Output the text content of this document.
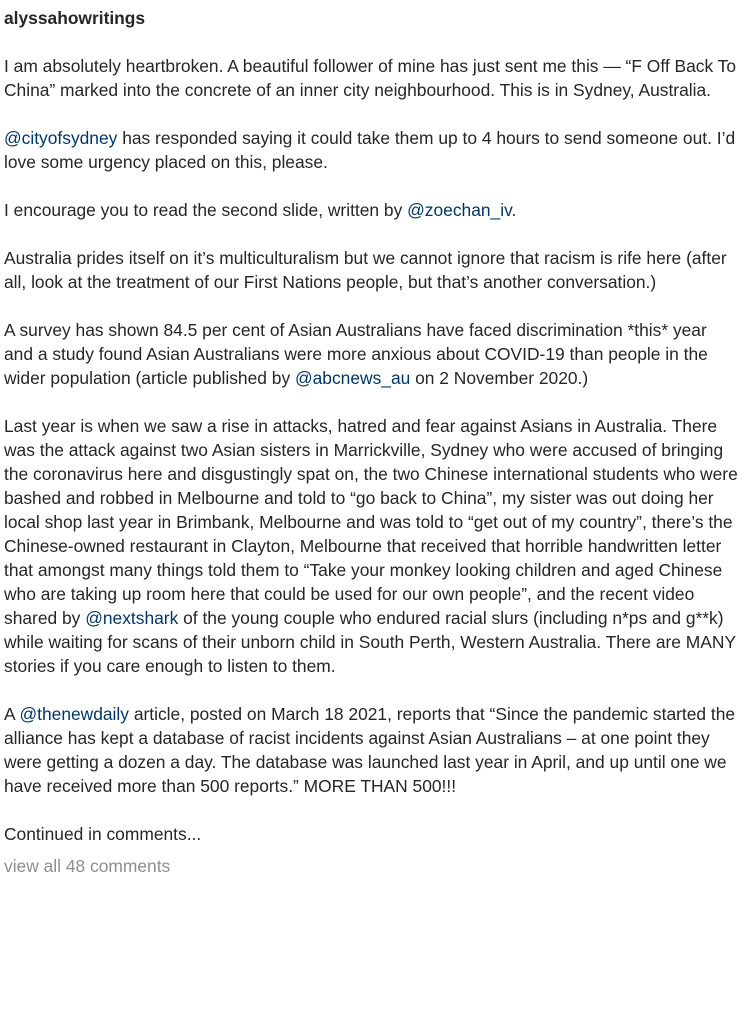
alyssahowritings
I am absolutely heartbroken. A beautiful follower of mine has just sent me this — “F Off Back To China” marked into the concrete of an inner city neighbourhood. This is in Sydney, Australia.
@cityofsydney has responded saying it could take them up to 4 hours to send someone out. I’d love some urgency placed on this, please.
I encourage you to read the second slide, written by @zoechan_iv.
Australia prides itself on it’s multiculturalism but we cannot ignore that racism is rife here (after all, look at the treatment of our First Nations people, but that’s another conversation.)
A survey has shown 84.5 per cent of Asian Australians have faced discrimination *this* year and a study found Asian Australians were more anxious about COVID-19 than people in the wider population (article published by @abcnews_au on 2 November 2020.)
Last year is when we saw a rise in attacks, hatred and fear against Asians in Australia. There was the attack against two Asian sisters in Marrickville, Sydney who were accused of bringing the coronavirus here and disgustingly spat on, the two Chinese international students who were bashed and robbed in Melbourne and told to “go back to China”, my sister was out doing her local shop last year in Brimbank, Melbourne and was told to “get out of my country”, there’s the Chinese-owned restaurant in Clayton, Melbourne that received that horrible handwritten letter that amongst many things told them to “Take your monkey looking children and aged Chinese who are taking up room here that could be used for our own people”, and the recent video shared by @nextshark of the young couple who endured racial slurs (including n*ps and g**k) while waiting for scans of their unborn child in South Perth, Western Australia. There are MANY stories if you care enough to listen to them.
A @thenewdaily article, posted on March 18 2021, reports that “Since the pandemic started the alliance has kept a database of racist incidents against Asian Australians – at one point they were getting a dozen a day. The database was launched last year in April, and up until one we have received more than 500 reports.” MORE THAN 500!!!
Continued in comments...
view all 48 comments
